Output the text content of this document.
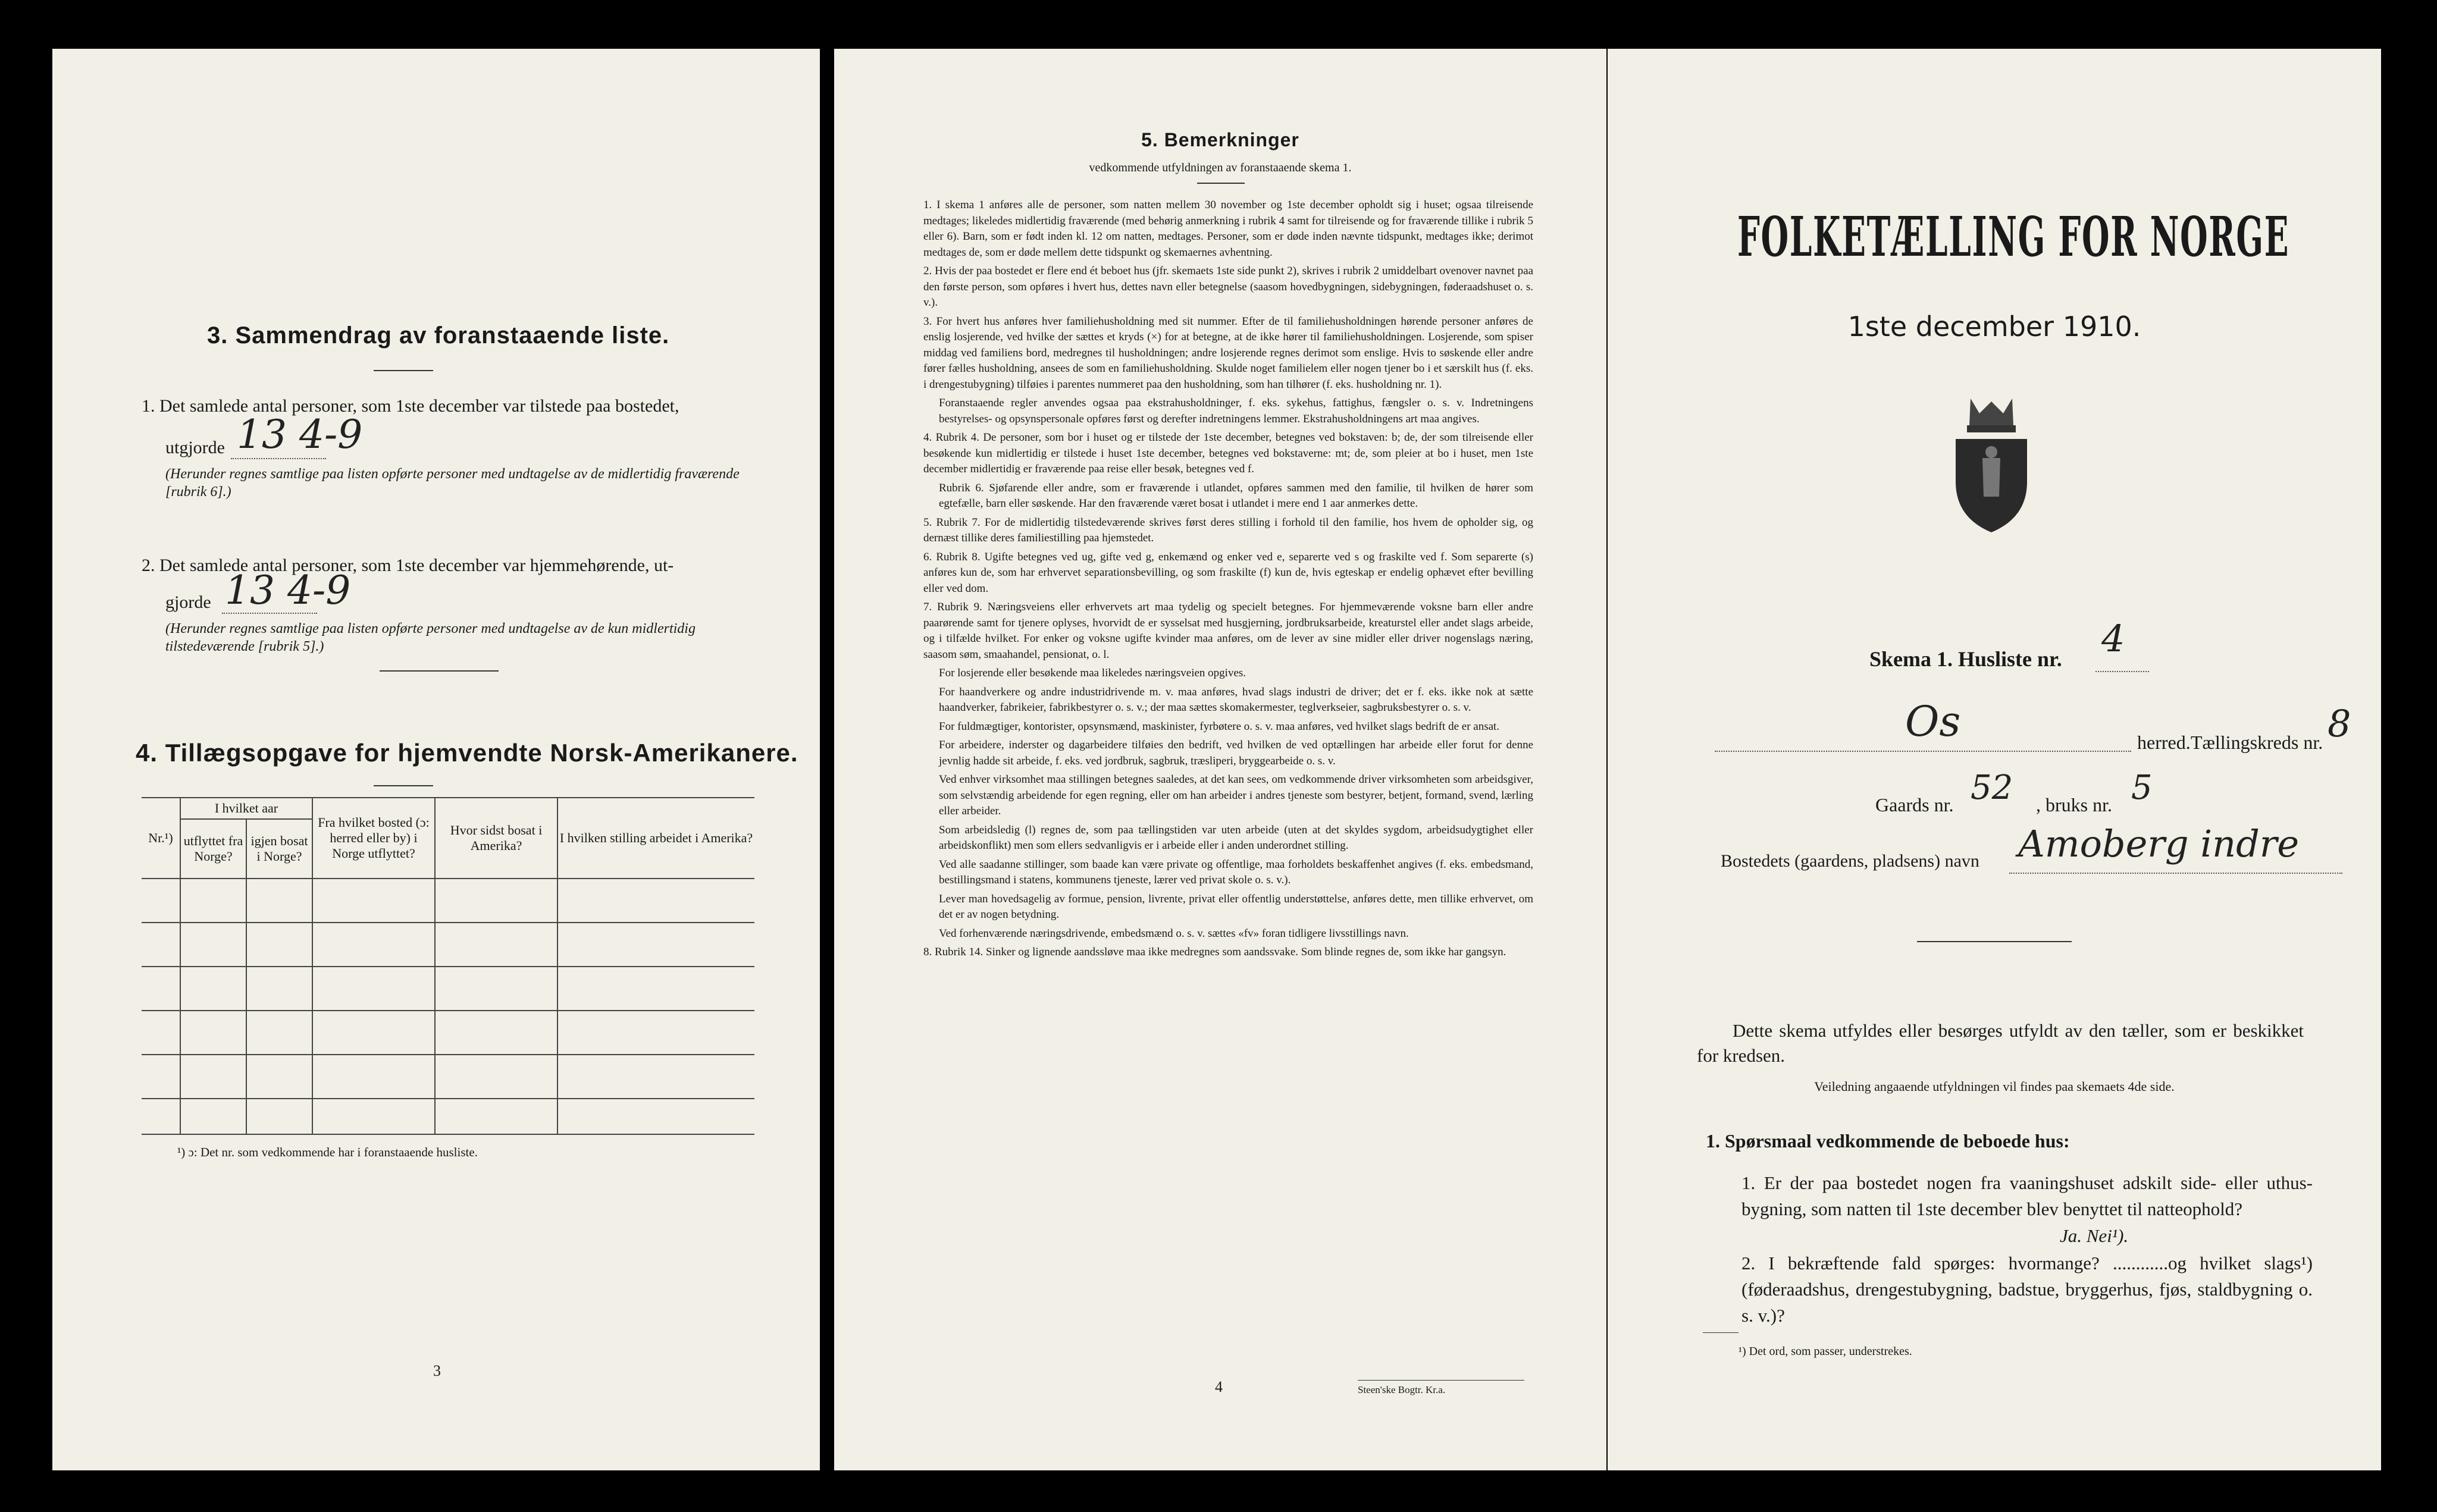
3. Sammendrag av foranstaaende liste.
1. Det samlede antal personer, som 1ste december var tilstede paa bostedet,
utgjorde 13 4-9
(Herunder regnes samtlige paa listen opførte personer med undtagelse av de midlertidig fraværende [rubrik 6].)
2. Det samlede antal personer, som 1ste december var hjemmehørende, ut-
gjorde 13 4-9
(Herunder regnes samtlige paa listen opførte personer med undtagelse av de kun midlertidig tilstedeværende [rubrik 5].)
4. Tillægsopgave for hjemvendte Norsk-Amerikanere.
Nr.¹)	I hvilket aar		Fra hvilket bosted (ɔ: herred eller by) i Norge utflyttet?	Hvor sidst bosat i Amerika?	I hvilken stilling arbeidet i Amerika?
	utflyttet fra Norge?	igjen bosat i Norge?			

¹) ɔ: Det nr. som vedkommende har i foranstaaende husliste.
3
5. Bemerkninger
vedkommende utfyldningen av foranstaaende skema 1.

1. I skema 1 anføres alle de personer, som natten mellem 30 november og 1ste december opholdt sig i huset; ogsaa tilreisende medtages; likeledes midlertidig fraværende (med behørig anmerkning i rubrik 4 samt for tilreisende og for fraværende tillike i rubrik 5 eller 6). Barn, som er født inden kl. 12 om natten, medtages. Personer, som er døde inden nævnte tidspunkt, medtages ikke; derimot medtages de, som er døde mellem dette tidspunkt og skemaernes avhentning.

2. Hvis der paa bostedet er flere end ét beboet hus (jfr. skemaets 1ste side punkt 2), skrives i rubrik 2 umiddelbart ovenover navnet paa den første person, som opføres i hvert hus, dettes navn eller betegnelse (saasom hovedbygningen, sidebygningen, føderaadshuset o. s. v.).

3. For hvert hus anføres hver familiehusholdning med sit nummer. Efter de til familiehusholdningen hørende personer anføres de enslig losjerende, ved hvilke der sættes et kryds (×) for at betegne, at de ikke hører til familiehusholdningen. Losjerende, som spiser middag ved familiens bord, medregnes til husholdningen; andre losjerende regnes derimot som enslige. Hvis to søskende eller andre fører fælles husholdning, ansees de som en familiehusholdning. Skulde noget familielem eller nogen tjener bo i et særskilt hus (f. eks. i drengestubygning) tilføies i parentes nummeret paa den husholdning, som han tilhører (f. eks. husholdning nr. 1).

Foranstaaende regler anvendes ogsaa paa ekstrahusholdninger, f. eks. sykehus, fattighus, fængsler o. s. v. Indretningens bestyrelses- og opsynspersonale opføres først og derefter indretningens lemmer. Ekstrahusholdningens art maa angives.

4. Rubrik 4. De personer, som bor i huset og er tilstede der 1ste december, betegnes ved bokstaven: b; de, der som tilreisende eller besøkende kun midlertidig er tilstede i huset 1ste december, betegnes ved bokstaverne: mt; de, som pleier at bo i huset, men 1ste december midlertidig er fraværende paa reise eller besøk, betegnes ved f.

Rubrik 6. Sjøfarende eller andre, som er fraværende i utlandet, opføres sammen med den familie, til hvilken de hører som egtefælle, barn eller søskende. Har den fraværende været bosat i utlandet i mere end 1 aar anmerkes dette.

5. Rubrik 7. For de midlertidig tilstedeværende skrives først deres stilling i forhold til den familie, hos hvem de opholder sig, og dernæst tillike deres familiestilling paa hjemstedet.

6. Rubrik 8. Ugifte betegnes ved ug, gifte ved g, enkemænd og enker ved e, separerte ved s og fraskilte ved f. Som separerte (s) anføres kun de, som har erhvervet separationsbevilling, og som fraskilte (f) kun de, hvis egteskap er endelig ophævet efter bevilling eller ved dom.

7. Rubrik 9. Næringsveiens eller erhvervets art maa tydelig og specielt betegnes. For hjemmeværende voksne barn eller andre paarørende samt for tjenere oplyses, hvorvidt de er sysselsat med husgjerning, jordbruksarbeide, kreaturstel eller andet slags arbeide, og i tilfælde hvilket. For enker og voksne ugifte kvinder maa anføres, om de lever av sine midler eller driver nogenslags næring, saasom søm, smaahandel, pensionat, o. l.

For losjerende eller besøkende maa likeledes næringsveien opgives.

For haandverkere og andre industridrivende m. v. maa anføres, hvad slags industri de driver; det er f. eks. ikke nok at sætte haandverker, fabrikeier, fabrikbestyrer o. s. v.; der maa sættes skomakermester, teglverkseier, sagbruksbestyrer o. s. v.

For fuldmægtiger, kontorister, opsynsmænd, maskinister, fyrbøtere o. s. v. maa anføres, ved hvilket slags bedrift de er ansat.

For arbeidere, inderster og dagarbeidere tilføies den bedrift, ved hvilken de ved optællingen har arbeide eller forut for denne jevnlig hadde sit arbeide, f. eks. ved jordbruk, sagbruk, træsliperi, bryggearbeide o. s. v.

Ved enhver virksomhet maa stillingen betegnes saaledes, at det kan sees, om vedkommende driver virksomheten som arbeidsgiver, som selvstændig arbeidende for egen regning, eller om han arbeider i andres tjeneste som bestyrer, betjent, formand, svend, lærling eller arbeider.

Som arbeidsledig (l) regnes de, som paa tællingstiden var uten arbeide (uten at det skyldes sygdom, arbeidsudygtighet eller arbeidskonflikt) men som ellers sedvanligvis er i arbeide eller i anden underordnet stilling.

Ved alle saadanne stillinger, som baade kan være private og offentlige, maa forholdets beskaffenhet angives (f. eks. embedsmand, bestillingsmand i statens, kommunens tjeneste, lærer ved privat skole o. s. v.).

Lever man hovedsagelig av formue, pension, livrente, privat eller offentlig understøttelse, anføres dette, men tillike erhvervet, om det er av nogen betydning.

Ved forhenværende næringsdrivende, embedsmænd o. s. v. sættes «fv» foran tidligere livsstillings navn.

8. Rubrik 14. Sinker og lignende aandssløve maa ikke medregnes som aandssvake. Som blinde regnes de, som ikke har gangsyn.

4	Steen'ske Bogtr. Kr.a.
FOLKETÆLLING FOR NORGE
1ste december 1910.
Skema 1. Husliste nr. 4
Os	herred. Tællingskreds nr. 8
Gaards nr. 52 , bruks nr. 5
Bostedets (gaardens, pladsens) navn Amoberg indre
Dette skema utfyldes eller besørges utfyldt av den tæller, som er beskikket for kredsen.
Veiledning angaaende utfyldningen vil findes paa skemaets 4de side.
1. Spørsmaal vedkommende de beboede hus:
1. Er der paa bostedet nogen fra vaaningshuset adskilt side- eller uthus-bygning, som natten til 1ste december blev benyttet til natteophold?
Ja. Nei¹).
2. I bekræftende fald spørges: hvormange? ............og hvilket slags¹) (føderaadshus, drengestubygning, badstue, bryggerhus, fjøs, staldbygning o. s. v.)?
¹) Det ord, som passer, understrekes.
